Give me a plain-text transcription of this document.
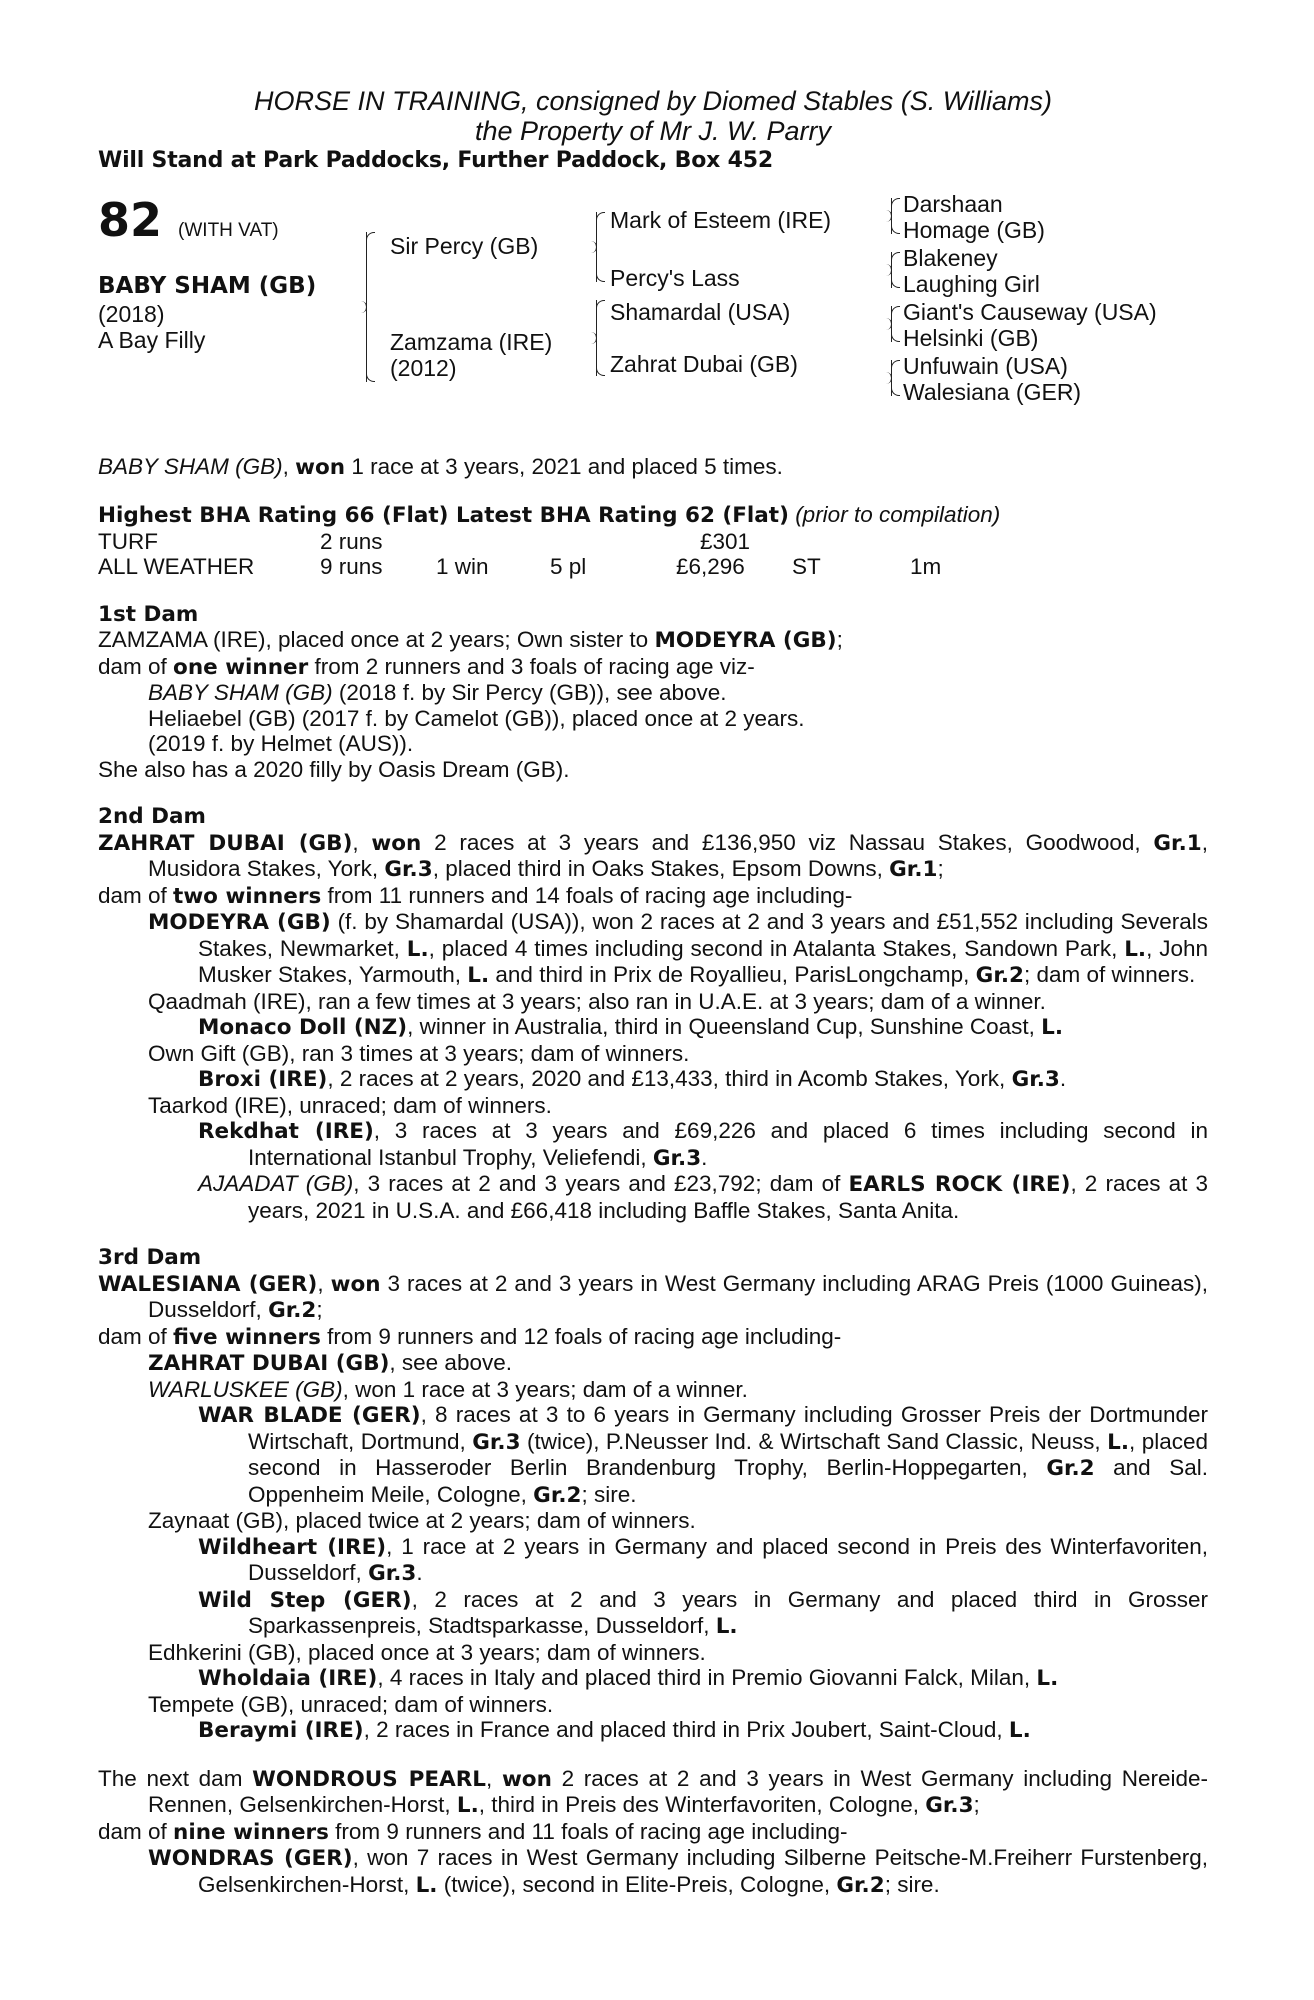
HORSE IN TRAINING, consigned by Diomed Stables (S. Williams)
the Property of Mr J. W. Parry
Will Stand at Park Paddocks, Further Paddock, Box 452
82 (WITH VAT)
BABY SHAM (GB)
(2018)
A Bay Filly
Sir Percy (GB)
Zamzama (IRE)
(2012)
Mark of Esteem (IRE)
Percy's Lass
Shamardal (USA)
Zahrat Dubai (GB)
Darshaan
Homage (GB)
Blakeney
Laughing Girl
Giant's Causeway (USA)
Helsinki (GB)
Unfuwain (USA)
Walesiana (GER)
BABY SHAM (GB), won 1 race at 3 years, 2021 and placed 5 times.
Highest BHA Rating 66 (Flat) Latest BHA Rating 62 (Flat) (prior to compilation)
TURF	2 runs	£301
ALL WEATHER	9 runs 1 win	5 pl	£6,296 ST	1m
1st Dam

ZAMZAMA (IRE), placed once at 2 years; Own sister to MODEYRA (GB);

dam of one winner from 2 runners and 3 foals of racing age viz-

BABY SHAM (GB) (2018 f. by Sir Percy (GB)), see above.

Heliaebel (GB) (2017 f. by Camelot (GB)), placed once at 2 years.

(2019 f. by Helmet (AUS)).

She also has a 2020 filly by Oasis Dream (GB).

2nd Dam

ZAHRAT DUBAI (GB), won 2 races at 3 years and £136,950 viz Nassau Stakes, Goodwood, Gr.1, Musidora Stakes, York, Gr.3, placed third in Oaks Stakes, Epsom Downs, Gr.1;

dam of two winners from 11 runners and 14 foals of racing age including-

MODEYRA (GB) (f. by Shamardal (USA)), won 2 races at 2 and 3 years and £51,552 including Severals Stakes, Newmarket, L., placed 4 times including second in Atalanta Stakes, Sandown Park, L., John Musker Stakes, Yarmouth, L. and third in Prix de Royallieu, ParisLongchamp, Gr.2; dam of winners.

Qaadmah (IRE), ran a few times at 3 years; also ran in U.A.E. at 3 years; dam of a winner.

Monaco Doll (NZ), winner in Australia, third in Queensland Cup, Sunshine Coast, L.

Own Gift (GB), ran 3 times at 3 years; dam of winners.

Broxi (IRE), 2 races at 2 years, 2020 and £13,433, third in Acomb Stakes, York, Gr.3.

Taarkod (IRE), unraced; dam of winners.

Rekdhat (IRE), 3 races at 3 years and £69,226 and placed 6 times including second in International Istanbul Trophy, Veliefendi, Gr.3.

AJAADAT (GB), 3 races at 2 and 3 years and £23,792; dam of EARLS ROCK (IRE), 2 races at 3 years, 2021 in U.S.A. and £66,418 including Baffle Stakes, Santa Anita.

3rd Dam

WALESIANA (GER), won 3 races at 2 and 3 years in West Germany including ARAG Preis (1000 Guineas), Dusseldorf, Gr.2;

dam of five winners from 9 runners and 12 foals of racing age including-

ZAHRAT DUBAI (GB), see above.

WARLUSKEE (GB), won 1 race at 3 years; dam of a winner.

WAR BLADE (GER), 8 races at 3 to 6 years in Germany including Grosser Preis der Dortmunder Wirtschaft, Dortmund, Gr.3 (twice), P.Neusser Ind. & Wirtschaft Sand Classic, Neuss, L., placed second in Hasseroder Berlin Brandenburg Trophy, Berlin-Hoppegarten, Gr.2 and Sal. Oppenheim Meile, Cologne, Gr.2; sire.

Zaynaat (GB), placed twice at 2 years; dam of winners.

Wildheart (IRE), 1 race at 2 years in Germany and placed second in Preis des Winterfavoriten, Dusseldorf, Gr.3.

Wild Step (GER), 2 races at 2 and 3 years in Germany and placed third in Grosser Sparkassenpreis, Stadtsparkasse, Dusseldorf, L.

Edhkerini (GB), placed once at 3 years; dam of winners.

Wholdaia (IRE), 4 races in Italy and placed third in Premio Giovanni Falck, Milan, L.

Tempete (GB), unraced; dam of winners.

Beraymi (IRE), 2 races in France and placed third in Prix Joubert, Saint-Cloud, L.

The next dam WONDROUS PEARL, won 2 races at 2 and 3 years in West Germany including Nereide-Rennen, Gelsenkirchen-Horst, L., third in Preis des Winterfavoriten, Cologne, Gr.3;

dam of nine winners from 9 runners and 11 foals of racing age including-

WONDRAS (GER), won 7 races in West Germany including Silberne Peitsche-M.Freiherr Furstenberg, Gelsenkirchen-Horst, L. (twice), second in Elite-Preis, Cologne, Gr.2; sire.
